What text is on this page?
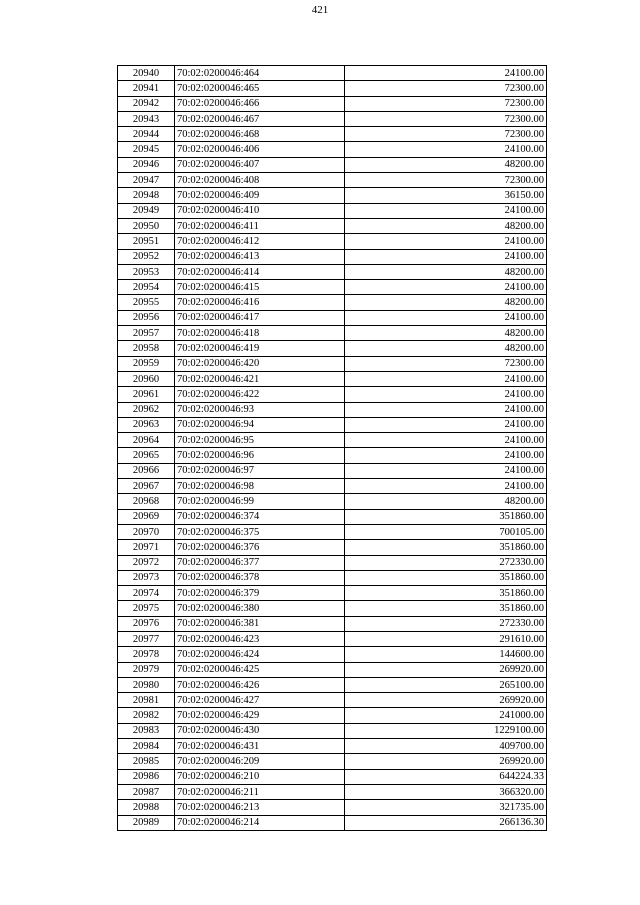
421
20940	70:02:0200046:464	24100.00
20941	70:02:0200046:465	72300.00
20942	70:02:0200046:466	72300.00
20943	70:02:0200046:467	72300.00
20944	70:02:0200046:468	72300.00
20945	70:02:0200046:406	24100.00
20946	70:02:0200046:407	48200.00
20947	70:02:0200046:408	72300.00
20948	70:02:0200046:409	36150.00
20949	70:02:0200046:410	24100.00
20950	70:02:0200046:411	48200.00
20951	70:02:0200046:412	24100.00
20952	70:02:0200046:413	24100.00
20953	70:02:0200046:414	48200.00
20954	70:02:0200046:415	24100.00
20955	70:02:0200046:416	48200.00
20956	70:02:0200046:417	24100.00
20957	70:02:0200046:418	48200.00
20958	70:02:0200046:419	48200.00
20959	70:02:0200046:420	72300.00
20960	70:02:0200046:421	24100.00
20961	70:02:0200046:422	24100.00
20962	70:02:0200046:93	24100.00
20963	70:02:0200046:94	24100.00
20964	70:02:0200046:95	24100.00
20965	70:02:0200046:96	24100.00
20966	70:02:0200046:97	24100.00
20967	70:02:0200046:98	24100.00
20968	70:02:0200046:99	48200.00
20969	70:02:0200046:374	351860.00
20970	70:02:0200046:375	700105.00
20971	70:02:0200046:376	351860.00
20972	70:02:0200046:377	272330.00
20973	70:02:0200046:378	351860.00
20974	70:02:0200046:379	351860.00
20975	70:02:0200046:380	351860.00
20976	70:02:0200046:381	272330.00
20977	70:02:0200046:423	291610.00
20978	70:02:0200046:424	144600.00
20979	70:02:0200046:425	269920.00
20980	70:02:0200046:426	265100.00
20981	70:02:0200046:427	269920.00
20982	70:02:0200046:429	241000.00
20983	70:02:0200046:430	1229100.00
20984	70:02:0200046:431	409700.00
20985	70:02:0200046:209	269920.00
20986	70:02:0200046:210	644224.33
20987	70:02:0200046:211	366320.00
20988	70:02:0200046:213	321735.00
20989	70:02:0200046:214	266136.30
